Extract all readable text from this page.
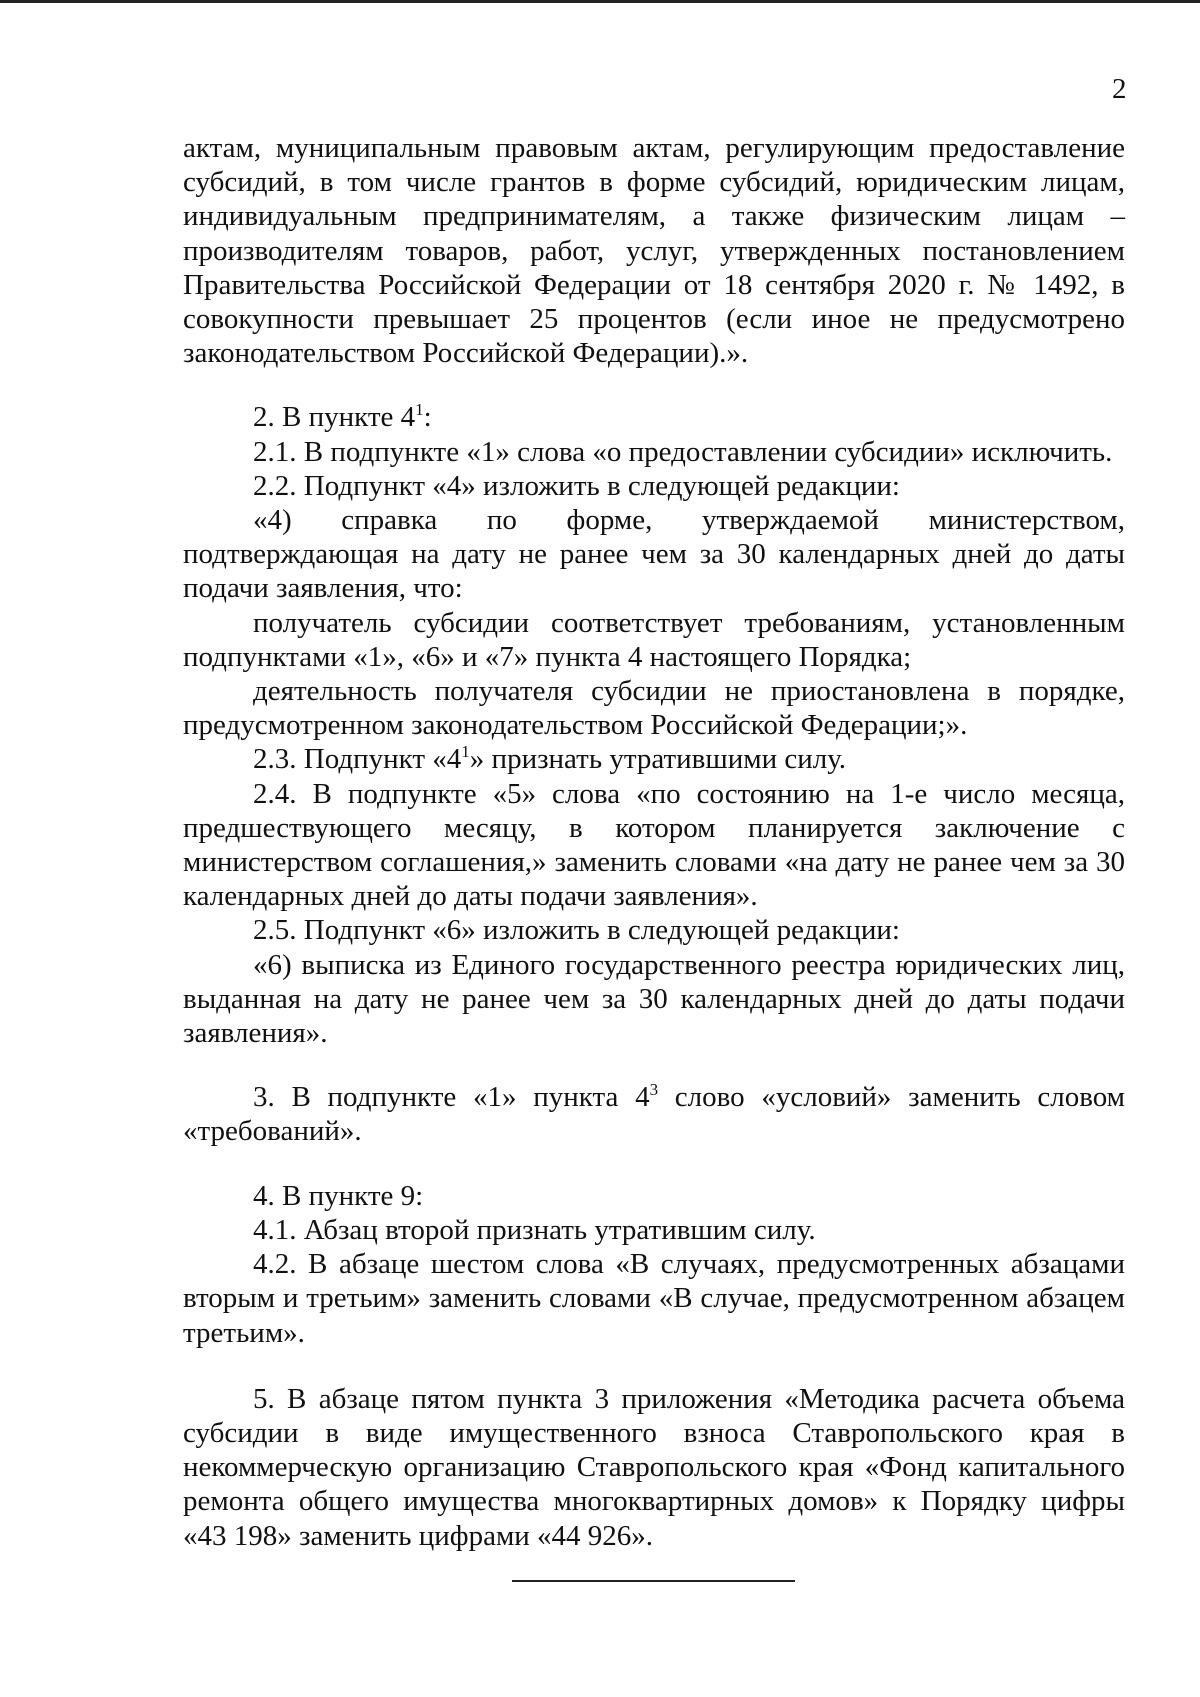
2

актам, муниципальным правовым актам, регулирующим предоставление субсидий, в том числе грантов в форме субсидий, юридическим лицам, индивидуальным предпринимателям, а также физическим лицам – производителям товаров, работ, услуг, утвержденных постановлением Правительства Российской Федерации от 18 сентября 2020 г. № 1492, в совокупности превышает 25 процентов (если иное не предусмотрено законодательством Российской Федерации).».

2. В пункте $4^1$:

2.1. В подпункте «1» слова «о предоставлении субсидии» исключить.

2.2. Подпункт «4» изложить в следующей редакции:

«4) справка по форме, утверждаемой министерством, подтверждающая на дату не ранее чем за 30 календарных дней до даты подачи заявления, что:

получатель субсидии соответствует требованиям, установленным подпунктами «1», «6» и «7» пункта 4 настоящего Порядка;

деятельность получателя субсидии не приостановлена в порядке, предусмотренном законодательством Российской Федерации;».

2.3. Подпункт «$4^1$» признать утратившими силу.

2.4. В подпункте «5» слова «по состоянию на 1-е число месяца, предшествующего месяцу, в котором планируется заключение с министерством соглашения,» заменить словами «на дату не ранее чем за 30 календарных дней до даты подачи заявления».

2.5. Подпункт «6» изложить в следующей редакции:

«6) выписка из Единого государственного реестра юридических лиц, выданная на дату не ранее чем за 30 календарных дней до даты подачи заявления».

3. В подпункте «1» пункта $4^3$ слово «условий» заменить словом «требований».

4. В пункте 9:

4.1. Абзац второй признать утратившим силу.

4.2. В абзаце шестом слова «В случаях, предусмотренных абзацами вторым и третьим» заменить словами «В случае, предусмотренном абзацем третьим».

5. В абзаце пятом пункта 3 приложения «Методика расчета объема субсидии в виде имущественного взноса Ставропольского края в некоммерческую организацию Ставропольского края «Фонд капитального ремонта общего имущества многоквартирных домов» к Порядку цифры «43 198» заменить цифрами «44 926».
